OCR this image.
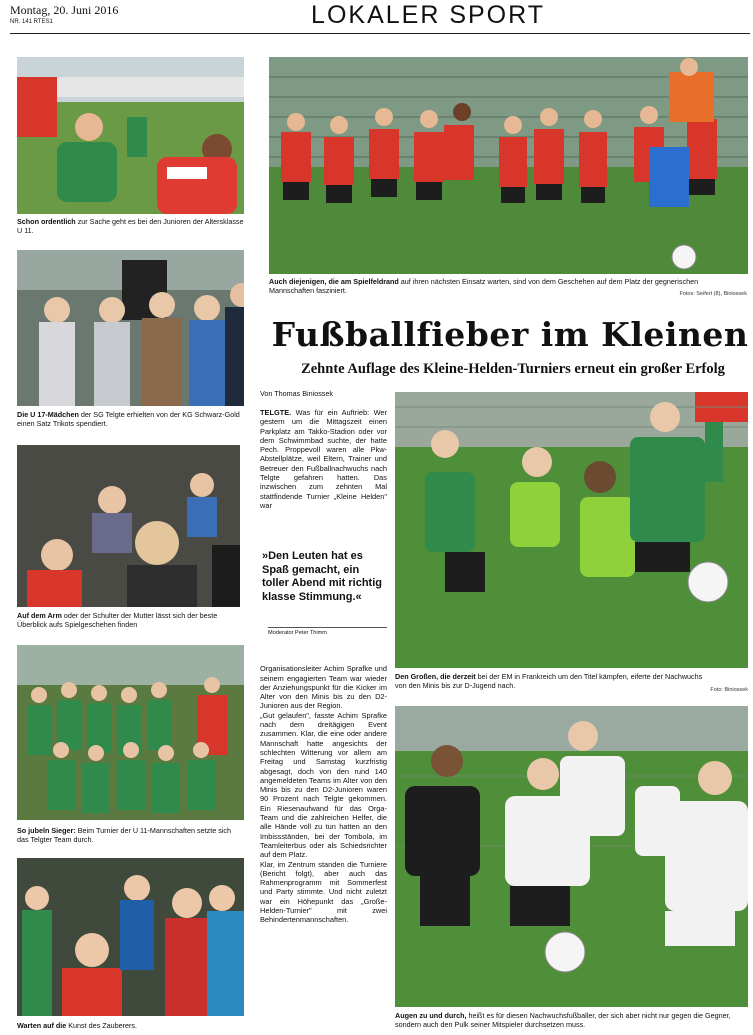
Montag, 20. Juni 2016
NR. 141 RTES1	LOKALER SPORT
Schon ordentlich zur Sache geht es bei den Junioren der Altersklasse U 11.
Die U 17-Mädchen der SG Telgte erhielten von der KG Schwarz-Gold einen Satz Trikots spendiert.
Auf dem Arm oder der Schulter der Mutter lässt sich der beste Überblick aufs Spielgeschehen finden
So jubeln Sieger: Beim Turnier der U 11-Mannschaften setzte sich das Telgter Team durch.
Warten auf die Kunst des Zauberers.
Auch diejenigen, die am Spielfeldrand auf ihren nächsten Einsatz warten, sind von dem Geschehen auf dem Platz der gegnerischen Mannschaften fasziniert.	Fotos: Seifert (8), Biniossek
Fußballfieber im Kleinen
Zehnte Auflage des Kleine-Helden-Turniers erneut ein großer Erfolg
Von Thomas Biniossek
TELGTE. Was für ein Auftrieb: Wer gestern um die Mittagszeit einen Parkplatz am Takko-Stadion oder vor dem Schwimmbad suchte, der hatte Pech. Proppevoll waren alle Pkw-Abstellplätze, weil Eltern, Trainer und Betreuer den Fußballnachwuchs nach Telgte gefahren hatten. Das inzwischen zum zehnten Mal stattfindende Turnier „Kleine Helden" war
»Den Leuten hat es Spaß gemacht, ein toller Abend mit richtig klasse Stimmung.«
Moderator Peter Thimm

Organisationsleiter Achim Sprafke und seinem engagierten Team war wieder der Anziehungspunkt für die Kicker im Alter von den Minis bis zu den D2-Junioren aus der Region.
„Gut gelaufen", fasste Achim Sprafke nach dem dreitägigen Event zusammen. Klar, die eine oder andere Mannschaft hatte angesichts der schlechten Witterung vor allem am Freitag und Samstag kurzfristig abgesagt, doch von den rund 140 angemeldeten Teams im Alter von den Minis bis zu den D2-Junioren waren 90 Prozent nach Telgte gekommen. Ein Riesenaufwand für das Orga-Team und die zahlreichen Helfer, die alle Hände voll zu tun hatten an den Imbissständen, bei der Tombola, im Teamleiterbus oder als Schiedsrichter auf dem Platz.
Klar, im Zentrum standen die Turniere (Bericht folgt), aber auch das Rahmenprogramm mit Sommerfest und Party stimmte. Und nicht zuletzt war ein Höhepunkt das „Große-Helden-Turnier" mit zwei Behindertenmannschaften.

Den Großen, die derzeit bei der EM in Frankreich um den Titel kämpfen, eiferte der Nachwuchs von den Minis bis zur D-Jugend nach.	Foto: Biniossek
Augen zu und durch, heißt es für diesen Nachwuchsfußballer, der sich aber nicht nur gegen die Gegner, sondern auch den Pulk seiner Mitspieler durchsetzen muss.
